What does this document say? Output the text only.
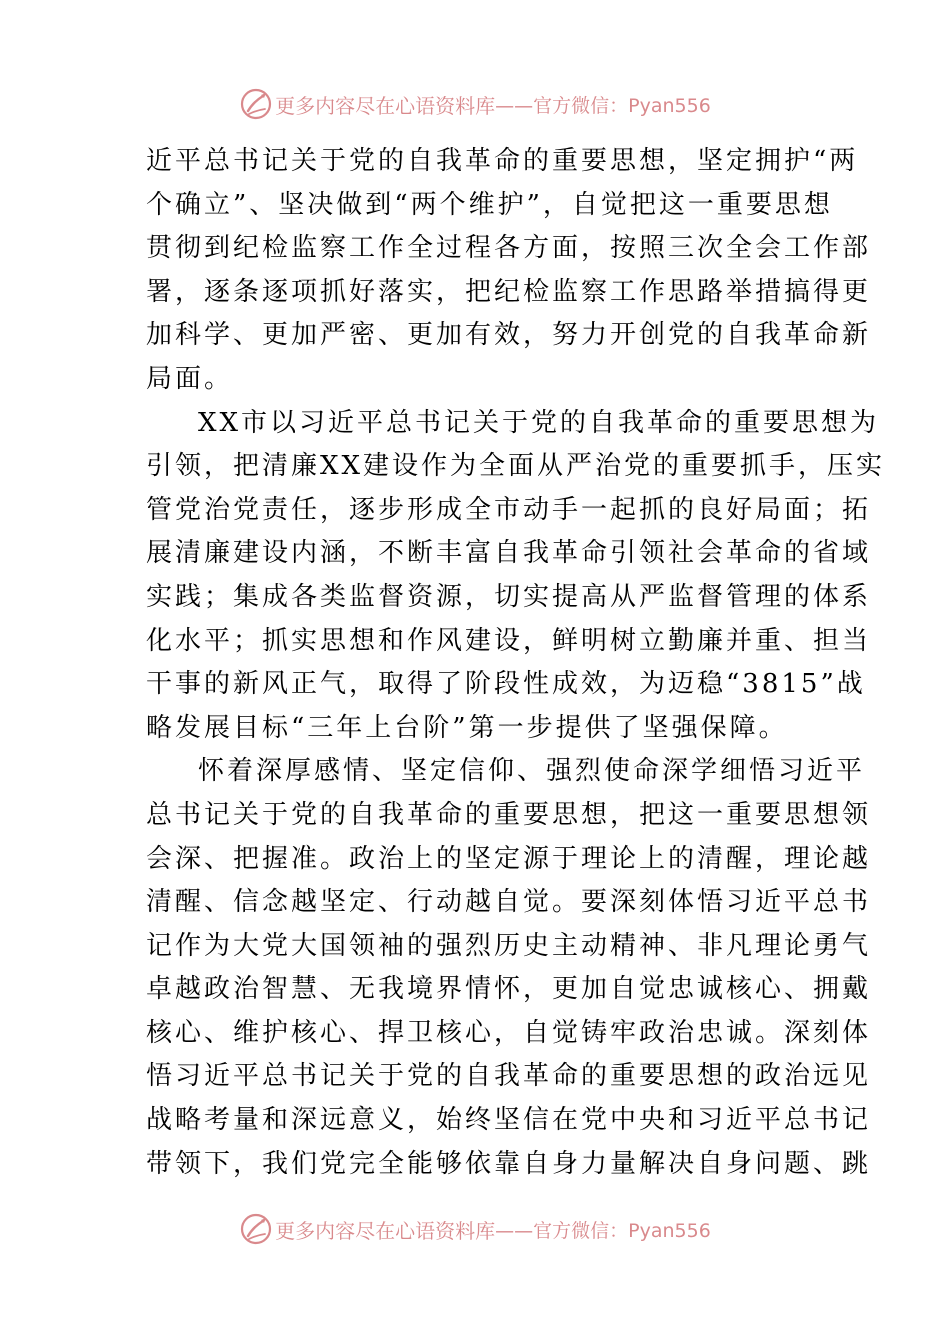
更多内容尽在心语资料库 ——官方微信：Pyan556
近平总书记关于党的自我革命的重要思想，坚定拥护“两
个确立”、坚决做到“两个维护”，自觉把这一重要思想
贯彻到纪检监察工作全过程各方面，按照三次全会工作部
署，逐条逐项抓好落实，把纪检监察工作思路举措搞得更
加科学、更加严密、更加有效，努力开创党的自我革命新
局面。
XX市以习近平总书记关于党的自我革命的重要思想为
引领，把清廉XX建设作为全面从严治党的重要抓手，压实
管党治党责任，逐步形成全市动手一起抓的良好局面；拓
展清廉建设内涵，不断丰富自我革命引领社会革命的省域
实践；集成各类监督资源，切实提高从严监督管理的体系
化水平；抓实思想和作风建设，鲜明树立勤廉并重、担当
干事的新风正气，取得了阶段性成效，为迈稳“3815”战
略发展目标“三年上台阶”第一步提供了坚强保障。
怀着深厚感情、坚定信仰、强烈使命深学细悟习近平
总书记关于党的自我革命的重要思想，把这一重要思想领
会深、把握准。政治上的坚定源于理论上的清醒，理论越
清醒、信念越坚定、行动越自觉。要深刻体悟习近平总书
记作为大党大国领袖的强烈历史主动精神、非凡理论勇气
卓越政治智慧、无我境界情怀，更加自觉忠诚核心、拥戴
核心、维护核心、捍卫核心，自觉铸牢政治忠诚。深刻体
悟习近平总书记关于党的自我革命的重要思想的政治远见
战略考量和深远意义，始终坚信在党中央和习近平总书记
带领下，我们党完全能够依靠自身力量解决自身问题、跳
更多内容尽在心语资料库 ——官方微信：Pyan556
